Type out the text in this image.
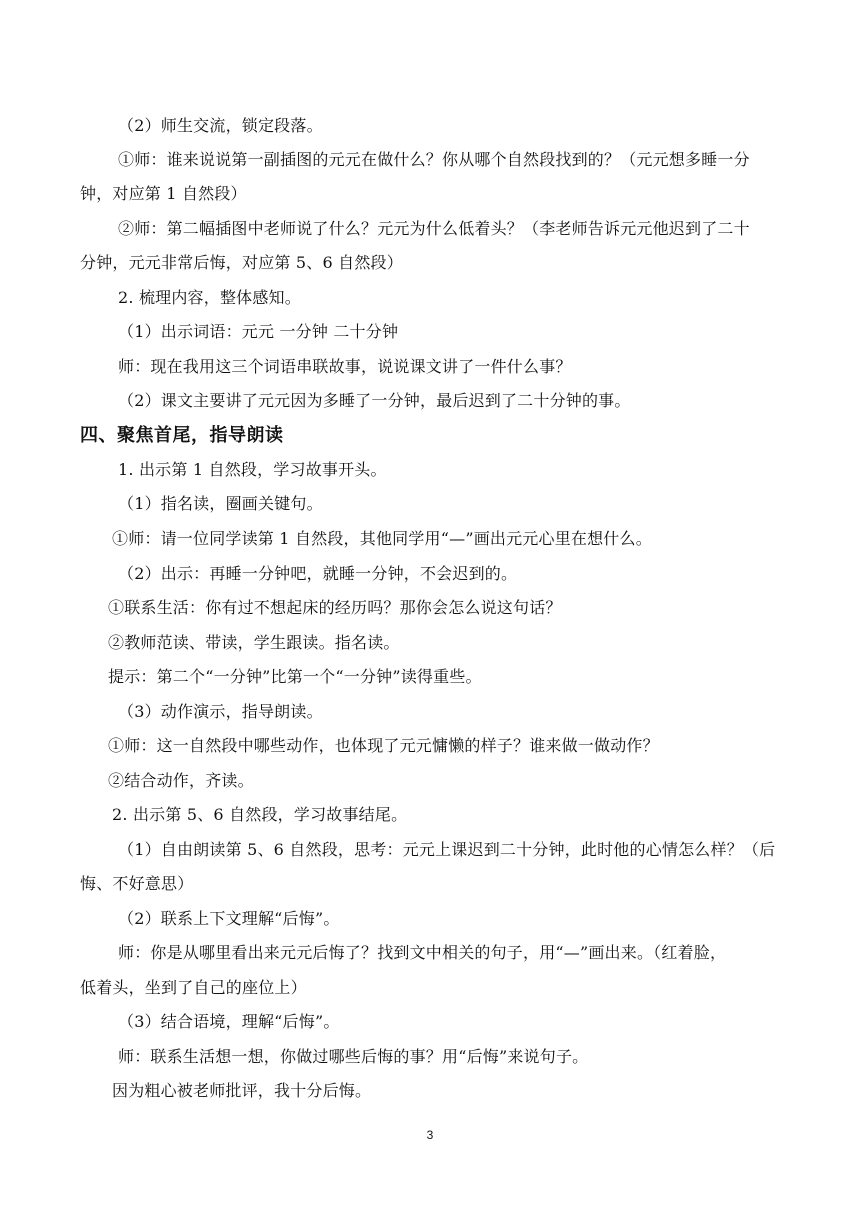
（2）师生交流，锁定段落。
①师：谁来说说第一副插图的元元在做什么？你从哪个自然段找到的？（元元想多睡一分
钟，对应第 1 自然段）
②师：第二幅插图中老师说了什么？元元为什么低着头？（李老师告诉元元他迟到了二十
分钟，元元非常后悔，对应第 5、6 自然段）
2. 梳理内容，整体感知。
（1）出示词语：元元 一分钟 二十分钟
师：现在我用这三个词语串联故事，说说课文讲了一件什么事？
（2）课文主要讲了元元因为多睡了一分钟，最后迟到了二十分钟的事。
四、聚焦首尾，指导朗读
1. 出示第 1 自然段，学习故事开头。
（1）指名读，圈画关键句。
①师：请一位同学读第 1 自然段，其他同学用“—”画出元元心里在想什么。
（2）出示：再睡一分钟吧，就睡一分钟，不会迟到的。
①联系生活：你有过不想起床的经历吗？那你会怎么说这句话？
②教师范读、带读，学生跟读。指名读。
提示：第二个“一分钟”比第一个“一分钟”读得重些。
（3）动作演示，指导朗读。
①师：这一自然段中哪些动作，也体现了元元慵懒的样子？谁来做一做动作？
②结合动作，齐读。
2. 出示第 5、6 自然段，学习故事结尾。
（1）自由朗读第 5、6 自然段，思考：元元上课迟到二十分钟，此时他的心情怎么样？（后
悔、不好意思）
（2）联系上下文理解“后悔”。
师：你是从哪里看出来元元后悔了？找到文中相关的句子，用“—”画出来。（红着脸，
低着头，坐到了自己的座位上）
（3）结合语境，理解“后悔”。
师：联系生活想一想，你做过哪些后悔的事？用“后悔”来说句子。
因为粗心被老师批评，我十分后悔。
3
